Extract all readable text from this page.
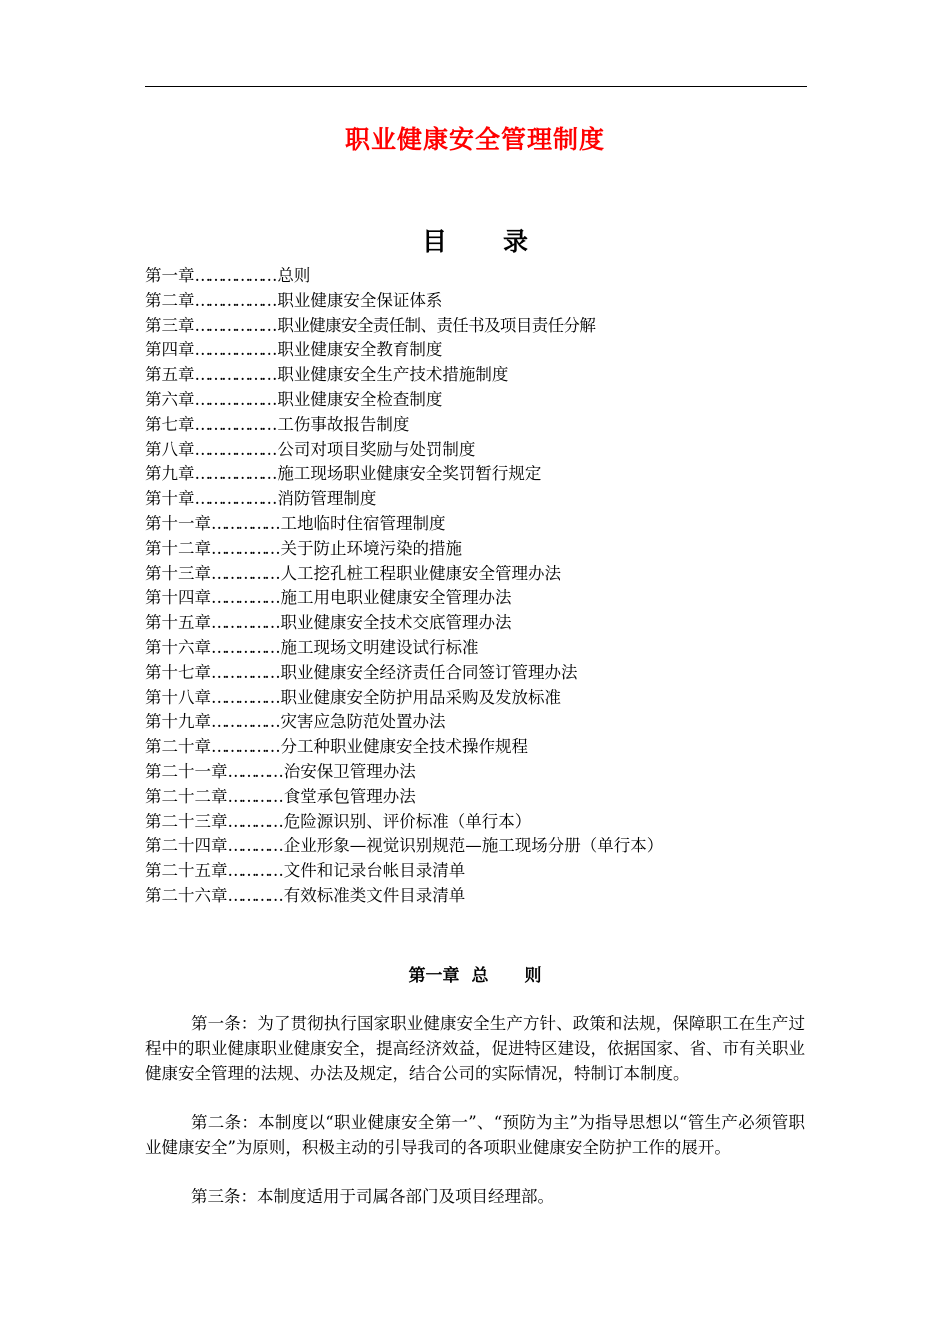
职业健康安全管理制度
目 录
第一章……………… 总则
第二章……………… 职业健康安全保证体系
第三章……………… 职业健康安全责任制、责任书及项目责任分解
第四章……………… 职业健康安全教育制度
第五章……………… 职业健康安全生产技术措施制度
第六章……………… 职业健康安全检查制度
第七章……………… 工伤事故报告制度
第八章……………… 公司对项目奖励与处罚制度
第九章……………… 施工现场职业健康安全奖罚暂行规定
第十章……………… 消防管理制度
第十一章…………… 工地临时住宿管理制度
第十二章…………… 关于防止环境污染的措施
第十三章…………… 人工挖孔桩工程职业健康安全管理办法
第十四章…………… 施工用电职业健康安全管理办法
第十五章…………… 职业健康安全技术交底管理办法
第十六章…………… 施工现场文明建设试行标准
第十七章…………… 职业健康安全经济责任合同签订管理办法
第十八章…………… 职业健康安全防护用品采购及发放标准
第十九章…………… 灾害应急防范处置办法
第二十章…………… 分工种职业健康安全技术操作规程
第二十一章………… 治安保卫管理办法
第二十二章………… 食堂承包管理办法
第二十三章………… 危险源识别、评价标准（单行本）
第二十四章………… 企业形象—视觉识别规范—施工现场分册（单行本）
第二十五章………… 文件和记录台帐目录清单
第二十六章………… 有效标准类文件目录清单
第一章 总 则

第一条：为了贯彻执行国家职业健康安全生产方针、政策和法规，保障职工在生产过程中的职业健康职业健康安全，提高经济效益，促进特区建设，依据国家、省、市有关职业健康安全管理的法规、办法及规定，结合公司的实际情况，特制订本制度。

第二条：本制度以“职业健康安全第一”、“预防为主”为指导思想以“管生产必须管职业健康安全”为原则，积极主动的引导我司的各项职业健康安全防护工作的展开。

第三条：本制度适用于司属各部门及项目经理部。
